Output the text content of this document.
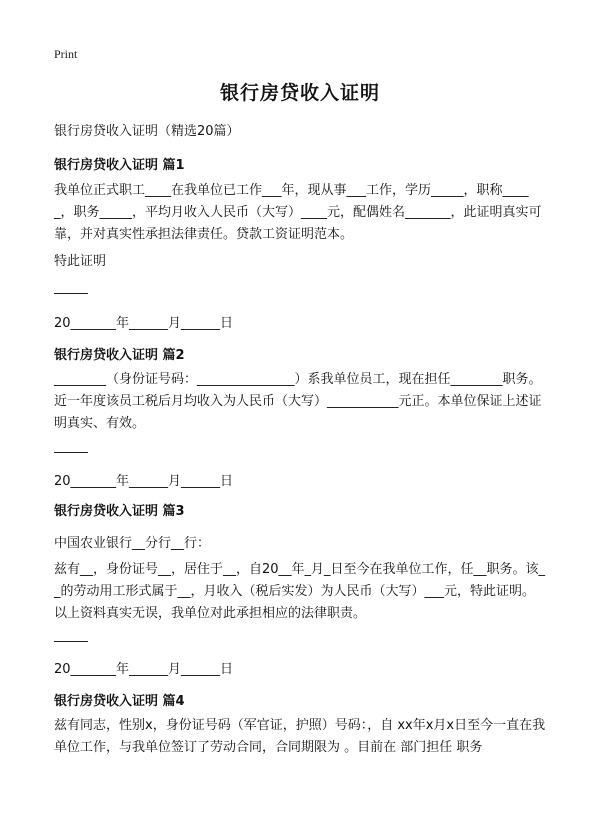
Print
银行房贷收入证明
银行房贷收入证明（精选20篇）
银行房贷收入证明 篇1
我单位正式职工____在我单位已工作___年，现从事___工作，学历_____，职称_____，职务_____，平均月收入人民币（大写）____元，配偶姓名_______，此证明真实可靠，并对真实性承担法律责任。贷款工资证明范本。
特此证明
20_______年______月______日
银行房贷收入证明 篇2
________（身份证号码：_______________）系我单位员工，现在担任________职务。近一年度该员工税后月均收入为人民币（大写）___________元正。本单位保证上述证明真实、有效。
20_______年______月______日
银行房贷收入证明 篇3
中国农业银行__分行__行：
兹有__，身份证号__，居住于__，自20__年_月_日至今在我单位工作，任__职务。该__的劳动用工形式属于__，月收入（税后实发）为人民币（大写）___元，特此证明。以上资料真实无误，我单位对此承担相应的法律职责。
20_______年______月______日
银行房贷收入证明 篇4
兹有同志，性别x，身份证号码（军官证，护照）号码：，自 xx年x月x日至今一直在我单位工作，与我单位签订了劳动合同，合同期限为 。目前在 部门担任 职务
